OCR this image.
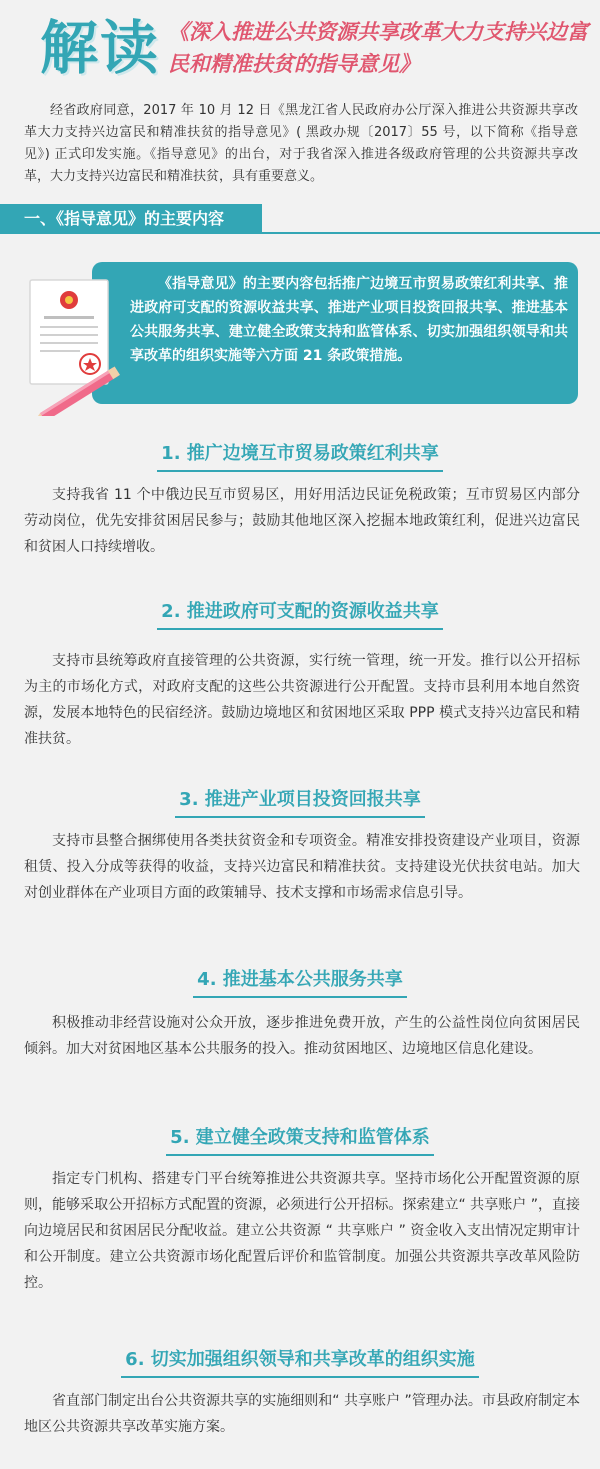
解读 《深入推进公共资源共享改革大力支持兴边富民和精准扶贫的指导意见》
经省政府同意，2017 年 10 月 12 日《黑龙江省人民政府办公厅深入推进公共资源共享改革大力支持兴边富民和精准扶贫的指导意见》( 黑政办规〔2017〕55 号，以下简称《指导意见》) 正式印发实施。《指导意见》的出台，对于我省深入推进各级政府管理的公共资源共享改革，大力支持兴边富民和精准扶贫，具有重要意义。
一、《指导意见》的主要内容
《指导意见》的主要内容包括推广边境互市贸易政策红利共享、推进政府可支配的资源收益共享、推进产业项目投资回报共享、推进基本公共服务共享、建立健全政策支持和监管体系、切实加强组织领导和共享改革的组织实施等六方面 21 条政策措施。
1. 推广边境互市贸易政策红利共享
支持我省 11 个中俄边民互市贸易区，用好用活边民证免税政策；互市贸易区内部分劳动岗位，优先安排贫困居民参与；鼓励其他地区深入挖掘本地政策红利，促进兴边富民和贫困人口持续增收。
2. 推进政府可支配的资源收益共享
支持市县统筹政府直接管理的公共资源，实行统一管理，统一开发。推行以公开招标为主的市场化方式，对政府支配的这些公共资源进行公开配置。支持市县利用本地自然资源，发展本地特色的民宿经济。鼓励边境地区和贫困地区采取 PPP 模式支持兴边富民和精准扶贫。
3. 推进产业项目投资回报共享
支持市县整合捆绑使用各类扶贫资金和专项资金。精准安排投资建设产业项目，资源租赁、投入分成等获得的收益，支持兴边富民和精准扶贫。支持建设光伏扶贫电站。加大对创业群体在产业项目方面的政策辅导、技术支撑和市场需求信息引导。
4. 推进基本公共服务共享
积极推动非经营设施对公众开放，逐步推进免费开放，产生的公益性岗位向贫困居民倾斜。加大对贫困地区基本公共服务的投入。推动贫困地区、边境地区信息化建设。
5. 建立健全政策支持和监管体系
指定专门机构、搭建专门平台统筹推进公共资源共享。坚持市场化公开配置资源的原则，能够采取公开招标方式配置的资源，必须进行公开招标。探索建立“ 共享账户 ”，直接向边境居民和贫困居民分配收益。建立公共资源 “ 共享账户 ” 资金收入支出情况定期审计和公开制度。建立公共资源市场化配置后评价和监管制度。加强公共资源共享改革风险防控。
6. 切实加强组织领导和共享改革的组织实施
省直部门制定出台公共资源共享的实施细则和“ 共享账户 ”管理办法。市县政府制定本地区公共资源共享改革实施方案。
